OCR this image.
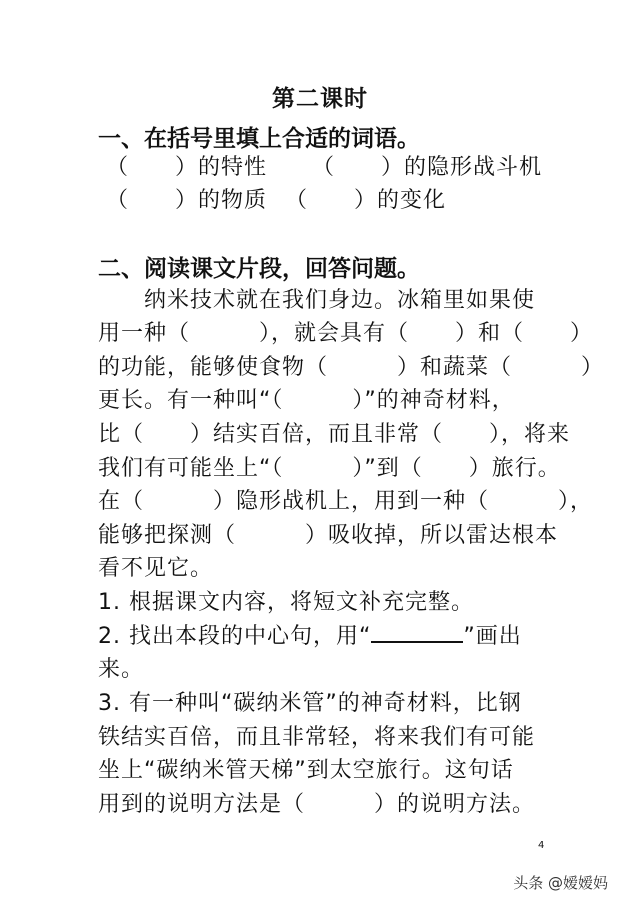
第二课时
一、在括号里填上合适的词语。
（　　）的特性 （　　）的隐形战斗机
（　　）的物质 （　　）的变化
二、阅读课文片段，回答问题。
　　纳米技术就在我们身边。冰箱里如果使
用一种（　　　），就会具有（　　）和（　　）
的功能，能够使食物（　　　）和蔬菜（　　　）
更长。有一种叫“（　　　）”的神奇材料，
比（　　）结实百倍，而且非常（　　），将来
我们有可能坐上“（　　　）”到（　　）旅行。
在（　　　）隐形战机上，用到一种（　　　），
能够把探测（　　　）吸收掉，所以雷达根本
看不见它。
1. 根据课文内容，将短文补充完整。
2. 找出本段的中心句，用“	”画出
来。
3. 有一种叫“碳纳米管”的神奇材料，比钢
铁结实百倍，而且非常轻，将来我们有可能
坐上“碳纳米管天梯”到太空旅行。这句话
用到的说明方法是（　　　）的说明方法。
4
头条 @嫒嫒妈
